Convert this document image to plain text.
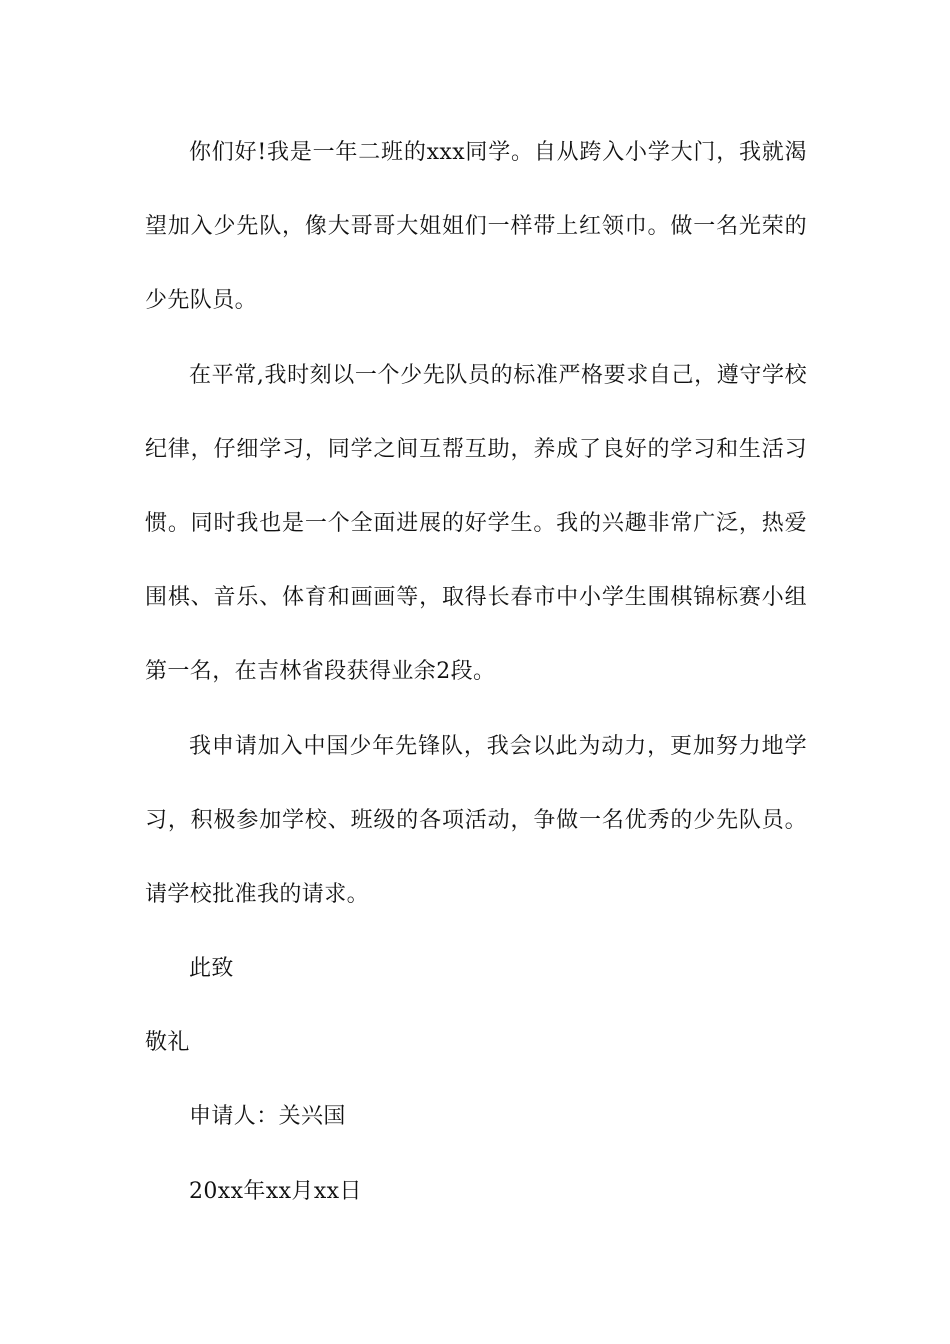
你们好!我是一年二班的xxx同学。自从跨入小学大门，我就渴
望加入少先队，像大哥哥大姐姐们一样带上红领巾。做一名光荣的
少先队员。
在平常,我时刻以一个少先队员的标准严格要求自己，遵守学校
纪律，仔细学习，同学之间互帮互助，养成了良好的学习和生活习
惯。同时我也是一个全面进展的好学生。我的兴趣非常广泛，热爱
围棋、音乐、体育和画画等，取得长春市中小学生围棋锦标赛小组
第一名，在吉林省段获得业余2段。
我申请加入中国少年先锋队，我会以此为动力，更加努力地学
习，积极参加学校、班级的各项活动，争做一名优秀的少先队员。
请学校批准我的请求。
此致
敬礼
申请人：关兴国
20xx年xx月xx日
